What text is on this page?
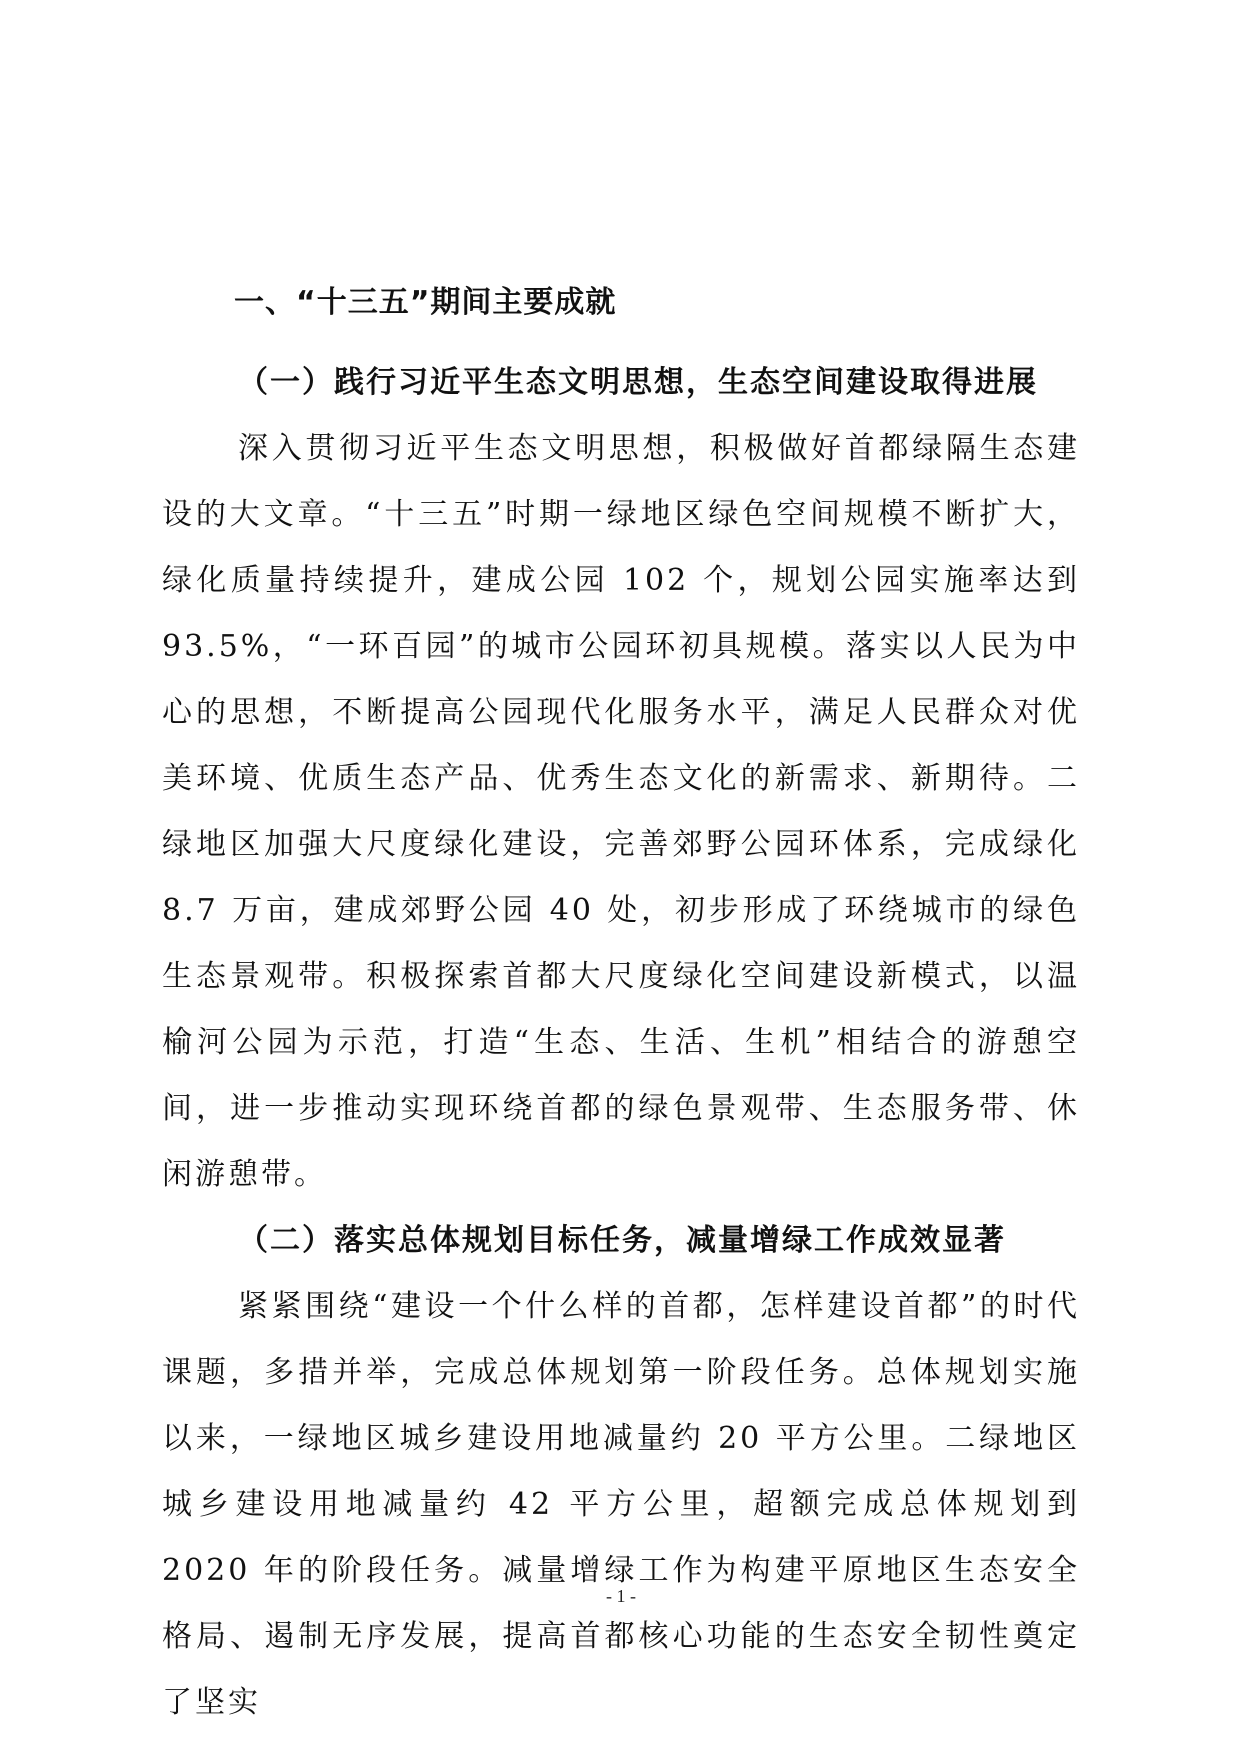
一、“十三五”期间主要成就
（一）践行习近平生态文明思想，生态空间建设取得进展

深入贯彻习近平生态文明思想，积极做好首都绿隔生态建设的大文章。“十三五”时期一绿地区绿色空间规模不断扩大，绿化质量持续提升，建成公园 102 个，规划公园实施率达到 93.5%，“一环百园”的城市公园环初具规模。落实以人民为中心的思想，不断提高公园现代化服务水平，满足人民群众对优美环境、优质生态产品、优秀生态文化的新需求、新期待。二绿地区加强大尺度绿化建设，完善郊野公园环体系，完成绿化 8.7 万亩，建成郊野公园 40 处，初步形成了环绕城市的绿色生态景观带。积极探索首都大尺度绿化空间建设新模式，以温榆河公园为示范，打造“生态、生活、生机”相结合的游憩空间，进一步推动实现环绕首都的绿色景观带、生态服务带、休闲游憩带。

（二）落实总体规划目标任务，减量增绿工作成效显著

紧紧围绕“建设一个什么样的首都，怎样建设首都”的时代课题，多措并举，完成总体规划第一阶段任务。总体规划实施以来，一绿地区城乡建设用地减量约 20 平方公里。二绿地区城乡建设用地减量约 42 平方公里，超额完成总体规划到 2020 年的阶段任务。减量增绿工作为构建平原地区生态安全格局、遏制无序发展，提高首都核心功能的生态安全韧性奠定了坚实

- 1 -
